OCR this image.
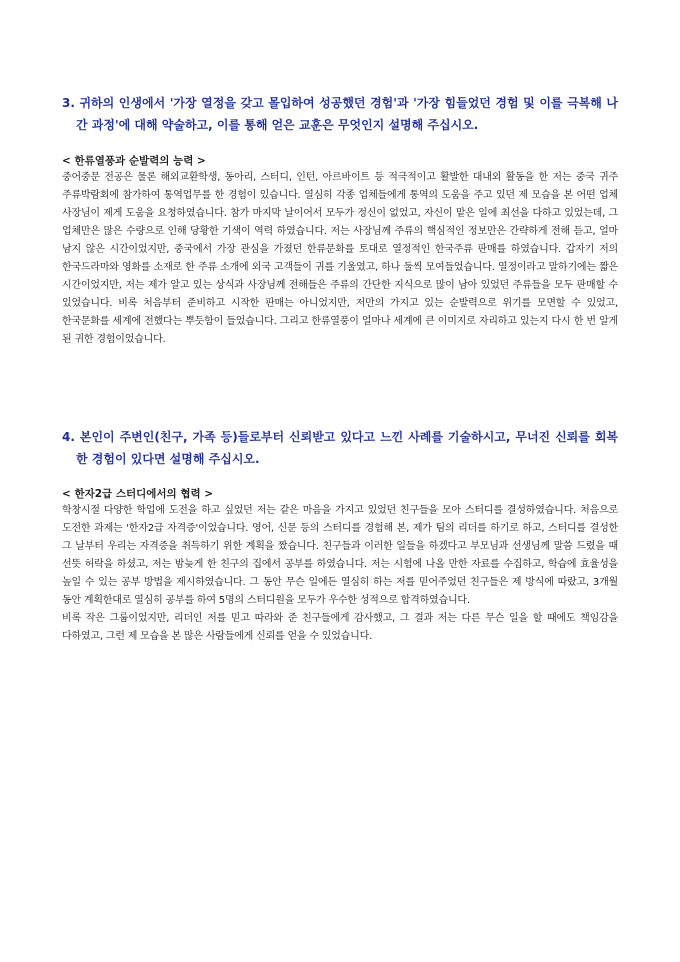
3. 귀하의 인생에서 '가장 열정을 갖고 몰입하여 성공했던 경험'과 '가장 힘들었던 경험 및 이를 극복해 나간 과정'에 대해 약술하고, 이를 통해 얻은 교훈은 무엇인지 설명해 주십시오.

< 한류열풍과 순발력의 능력 >

중어중문 전공은 물론 해외교환학생, 동아리, 스터디, 인턴, 아르바이트 등 적극적이고 활발한 대내외 활동을 한 저는 중국 귀주 주류박람회에 참가하여 통역업무를 한 경험이 있습니다. 열심히 각종 업체들에게 통역의 도움을 주고 있던 제 모습을 본 어떤 업체 사장님이 제게 도움을 요청하였습니다. 참가 마지막 날이어서 모두가 정신이 없었고, 자신이 맡은 일에 최선을 다하고 있었는데, 그 업체만은 많은 수량으로 인해 당황한 기색이 역력 하였습니다. 저는 사장님께 주류의 핵심적인 정보만은 간략하게 전해 듣고, 얼마 남지 않은 시간이었지만, 중국에서 가장 관심을 가졌던 한류문화를 토대로 열정적인 한국주류 판매를 하였습니다. 갑자기 저의 한국드라마와 영화를 소재로 한 주류 소개에 외국 고객들이 귀를 기울였고, 하나 둘씩 모여들었습니다. 열정이라고 말하기에는 짧은 시간이었지만, 저는 제가 알고 있는 상식과 사장님께 전해들은 주류의 간단한 지식으로 많이 남아 있었던 주류들을 모두 판매할 수 있었습니다. 비록 처음부터 준비하고 시작한 판매는 아니었지만, 저만의 가지고 있는 순발력으로 위기를 모면할 수 있었고, 한국문화를 세계에 전했다는 뿌듯함이 들었습니다. 그리고 한류열풍이 얼마나 세계에 큰 이미지로 자리하고 있는지 다시 한 번 알게 된 귀한 경험이었습니다.

4. 본인이 주변인(친구, 가족 등)들로부터 신뢰받고 있다고 느낀 사례를 기술하시고, 무너진 신뢰를 회복한 경험이 있다면 설명해 주십시오.

< 한자2급 스터디에서의 협력 >

학창시절 다양한 학업에 도전을 하고 싶었던 저는 같은 마음을 가지고 있었던 친구들을 모아 스터디를 결성하였습니다. 처음으로 도전한 과제는 '한자2급 자격증'이었습니다. 영어, 신문 등의 스터디를 경험해 본, 제가 팀의 리더를 하기로 하고, 스터디를 결성한 그 날부터 우리는 자격증을 취득하기 위한 계획을 짰습니다. 친구들과 이러한 일들을 하겠다고 부모님과 선생님께 말씀 드렸을 때 선뜻 허락을 하셨고, 저는 밤늦게 한 친구의 집에서 공부를 하였습니다. 저는 시험에 나올 만한 자료를 수집하고, 학습에 효율성을 높일 수 있는 공부 방법을 제시하였습니다. 그 동안 무슨 일에든 열심히 하는 저를 믿어주었던 친구들은 제 방식에 따랐고, 3개월 동안 계획한대로 열심히 공부를 하여 5명의 스터디원을 모두가 우수한 성적으로 합격하였습니다.

비록 작은 그룹이었지만, 리더인 저를 믿고 따라와 준 친구들에게 감사했고, 그 결과 저는 다른 무슨 일을 할 때에도 책임감을 다하였고, 그런 제 모습을 본 많은 사람들에게 신뢰를 얻을 수 있었습니다.
